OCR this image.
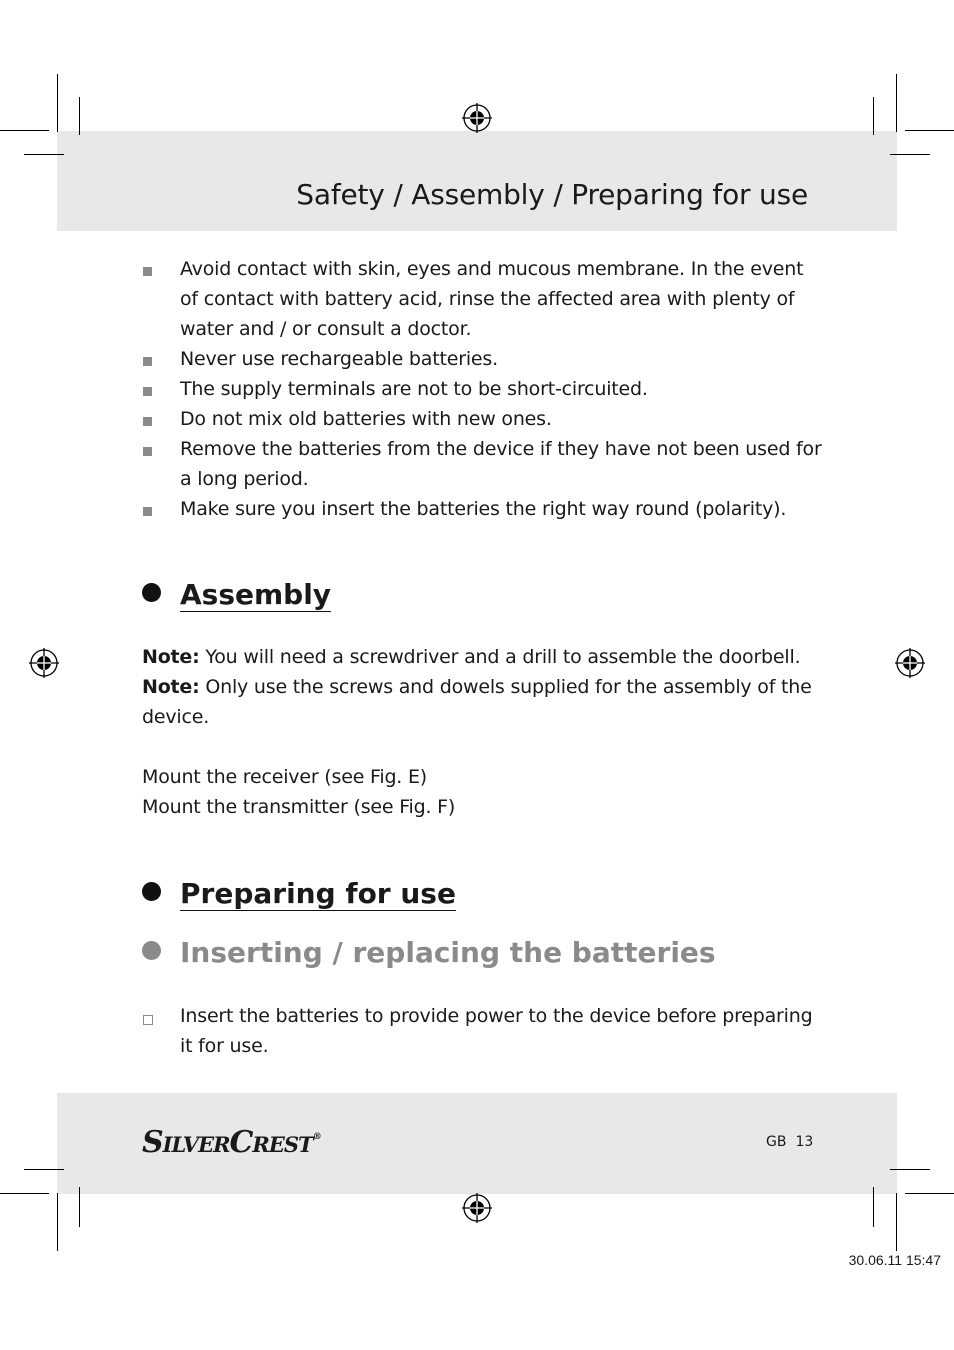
Safety / Assembly / Preparing for use
Avoid contact with skin, eyes and mucous membrane. In the event of contact with battery acid, rinse the affected area with plenty of water and / or consult a doctor.
Never use rechargeable batteries.
The supply terminals are not to be short-circuited.
Do not mix old batteries with new ones.
Remove the batteries from the device if they have not been used for a long period.
Make sure you insert the batteries the right way round (polarity).
Assembly

Note: You will need a screwdriver and a drill to assemble the doorbell.

Note: Only use the screws and dowels supplied for the assembly of the device.

Mount the receiver (see Fig. E)

Mount the transmitter (see Fig. F)

Preparing for use
Inserting / replacing the batteries
Insert the batteries to provide power to the device before preparing it for use.
SILVERCREST®	GB 13
30.06.11 15:47
